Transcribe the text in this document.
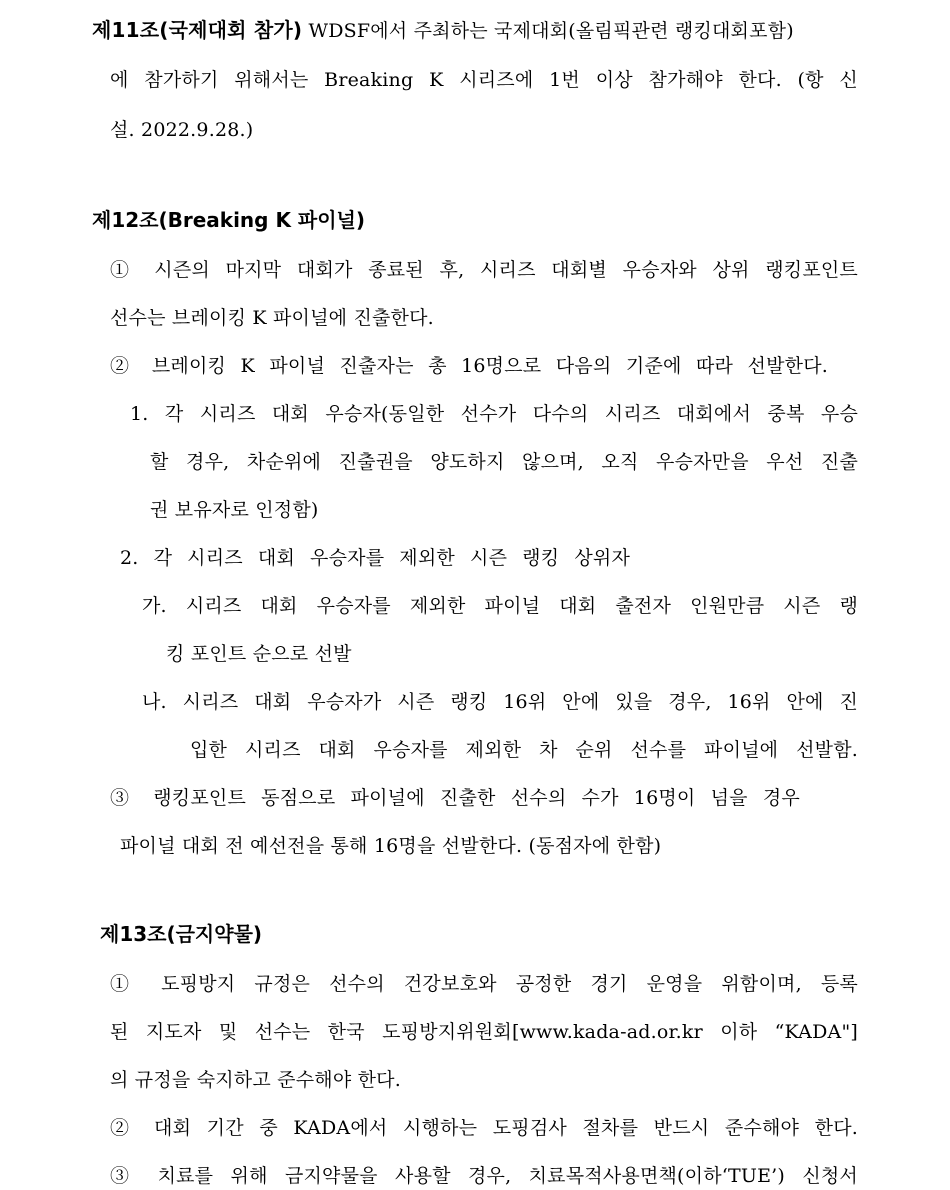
제11조(국제대회 참가) WDSF에서 주최하는 국제대회(올림픽관련 랭킹대회포함)
에 참가하기 위해서는 Breaking K 시리즈에 1번 이상 참가해야 한다. (항 신
설. 2022.9.28.)
제12조(Breaking K 파이널)
① 시즌의 마지막 대회가 종료된 후, 시리즈 대회별 우승자와 상위 랭킹포인트
선수는 브레이킹 K 파이널에 진출한다.
② 브레이킹 K 파이널 진출자는 총 16명으로 다음의 기준에 따라 선발한다.
1. 각 시리즈 대회 우승자(동일한 선수가 다수의 시리즈 대회에서 중복 우승
할 경우, 차순위에 진출권을 양도하지 않으며, 오직 우승자만을 우선 진출
권 보유자로 인정함)
2. 각 시리즈 대회 우승자를 제외한 시즌 랭킹 상위자
가. 시리즈 대회 우승자를 제외한 파이널 대회 출전자 인원만큼 시즌 랭
킹 포인트 순으로 선발
나. 시리즈 대회 우승자가 시즌 랭킹 16위 안에 있을 경우, 16위 안에 진
입한 시리즈 대회 우승자를 제외한 차 순위 선수를 파이널에 선발함.
③ 랭킹포인트 동점으로 파이널에 진출한 선수의 수가 16명이 넘을 경우
파이널 대회 전 예선전을 통해 16명을 선발한다. (동점자에 한함)
제13조(금지약물)
① 도핑방지 규정은 선수의 건강보호와 공정한 경기 운영을 위함이며, 등록
된 지도자 및 선수는 한국 도핑방지위원회[www.kada-ad.or.kr 이하 “KADA"]
의 규정을 숙지하고 준수해야 한다.
② 대회 기간 중 KADA에서 시행하는 도핑검사 절차를 반드시 준수해야 한다.
③ 치료를 위해 금지약물을 사용할 경우, 치료목적사용면책(이하‘TUE’) 신청서
